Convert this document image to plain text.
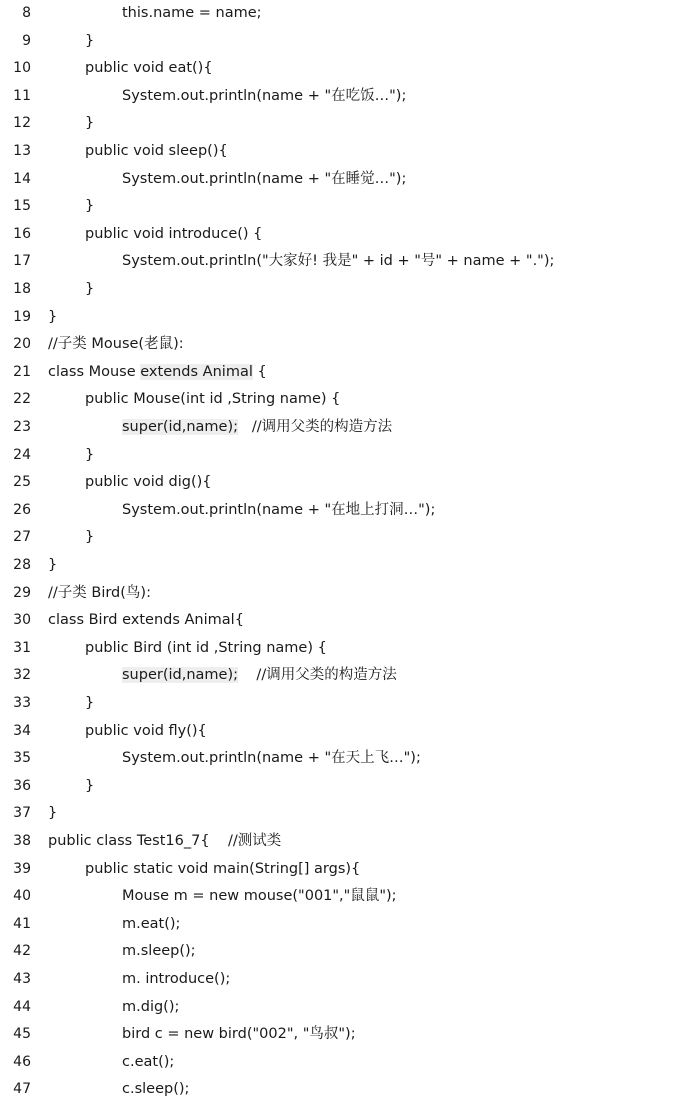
8	this.name = name;
9	}
10	public void eat(){
11	System.out.println(name + "在吃饭…");
12	}
13	public void sleep(){
14	System.out.println(name + "在睡觉…");
15	}
16	public void introduce() {
17	System.out.println("大家好! 我是" + id + "号" + name + ".");
18	}
19 }
20 //子类 Mouse(老鼠):
21 class Mouse extends Animal {
22	public Mouse(int id ,String name) {
23	super(id,name);   //调用父类的构造方法
24	}
25	public void dig(){
26	System.out.println(name + "在地上打洞…");
27	}
28 }
29 //子类 Bird(鸟):
30 class Bird extends Animal{
31	public Bird (int id ,String name) {
32	super(id,name);    //调用父类的构造方法
33	}
34	public void fly(){
35	System.out.println(name + "在天上飞…");
36	}
37 }
38 public class Test16_7{    //测试类
39	public static void main(String[] args){
40	Mouse m = new mouse("001","鼠鼠");
41	m.eat();
42	m.sleep();
43	m. introduce();
44	m.dig();
45	bird c = new bird("002", "鸟叔");
46	c.eat();
47	c.sleep();
